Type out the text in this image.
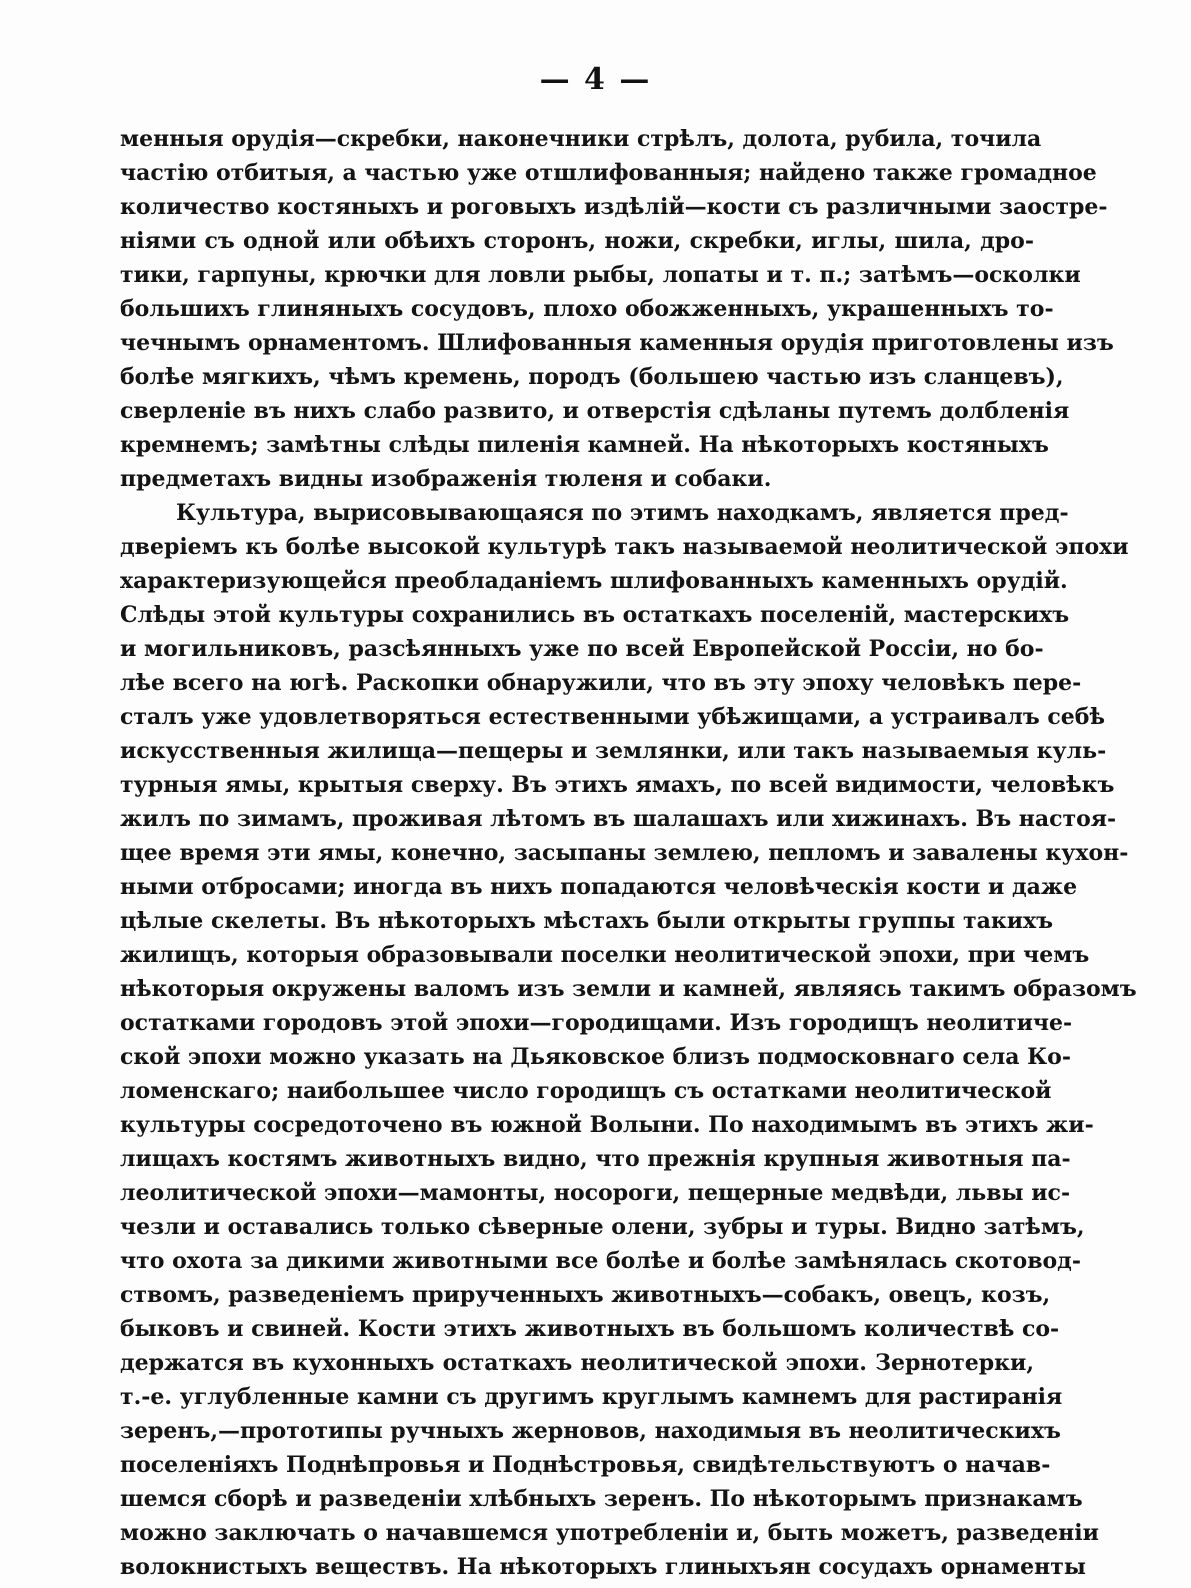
— 4 —
менныя орудія—скребки, наконечники стрѣлъ, долота, рубила, точила
частію отбитыя, а частью уже отшлифованныя; найдено также громадное
количество костяныхъ и роговыхъ издѣлій—кости съ различными заостре-
ніями съ одной или обѣихъ сторонъ, ножи, скребки, иглы, шила, дро-
тики, гарпуны, крючки для ловли рыбы, лопаты и т. п.; затѣмъ—осколки
большихъ глиняныхъ сосудовъ, плохо обожженныхъ, украшенныхъ то-
чечнымъ орнаментомъ. Шлифованныя каменныя орудія приготовлены изъ
болѣе мягкихъ, чѣмъ кремень, породъ (большею частью изъ сланцевъ),
сверленіе въ нихъ слабо развито, и отверстія сдѣланы путемъ долбленія
кремнемъ; замѣтны слѣды пиленія камней. На нѣкоторыхъ костяныхъ
предметахъ видны изображенія тюленя и собаки.
Культура, вырисовывающаяся по этимъ находкамъ, является пред-
дверіемъ къ болѣе высокой культурѣ такъ называемой неолитической эпохи
характеризующейся преобладаніемъ шлифованныхъ каменныхъ орудій.
Слѣды этой культуры сохранились въ остаткахъ поселеній, мастерскихъ
и могильниковъ, разсѣянныхъ уже по всей Европейской Россіи, но бо-
лѣе всего на югѣ. Раскопки обнаружили, что въ эту эпоху человѣкъ пере-
сталъ уже удовлетворяться естественными убѣжищами, а устраивалъ себѣ
искусственныя жилища—пещеры и землянки, или такъ называемыя куль-
турныя ямы, крытыя сверху. Въ этихъ ямахъ, по всей видимости, человѣкъ
жилъ по зимамъ, проживая лѣтомъ въ шалашахъ или хижинахъ. Въ настоя-
щее время эти ямы, конечно, засыпаны землею, пепломъ и завалены кухон-
ными отбросами; иногда въ нихъ попадаются человѣческія кости и даже
цѣлые скелеты. Въ нѣкоторыхъ мѣстахъ были открыты группы такихъ
жилищъ, которыя образовывали поселки неолитической эпохи, при чемъ
нѣкоторыя окружены валомъ изъ земли и камней, являясь такимъ образомъ
остатками городовъ этой эпохи—городищами. Изъ городищъ неолитиче-
ской эпохи можно указать на Дьяковское близъ подмосковнаго села Ко-
ломенскаго; наибольшее число городищъ съ остатками неолитической
культуры сосредоточено въ южной Волыни. По находимымъ въ этихъ жи-
лищахъ костямъ животныхъ видно, что прежнія крупныя животныя па-
леолитической эпохи—мамонты, носороги, пещерные медвѣди, львы ис-
чезли и оставались только сѣверные олени, зубры и туры. Видно затѣмъ,
что охота за дикими животными все болѣе и болѣе замѣнялась скотовод-
ствомъ, разведеніемъ прирученныхъ животныхъ—собакъ, овецъ, козъ,
быковъ и свиней. Кости этихъ животныхъ въ большомъ количествѣ со-
держатся въ кухонныхъ остаткахъ неолитической эпохи. Зернотерки,
т.-е. углубленные камни съ другимъ круглымъ камнемъ для растиранія
зеренъ,—прототипы ручныхъ жерновов, находимыя въ неолитическихъ
поселеніяхъ Поднѣпровья и Поднѣстровья, свидѣтельствуютъ о начав-
шемся сборѣ и разведеніи хлѣбныхъ зеренъ. По нѣкоторымъ признакамъ
можно заключать о начавшемся употребленіи и, быть можетъ, разведеніи
волокнистыхъ веществъ. На нѣкоторыхъ глиныхъян сосудахъ орнаменты
